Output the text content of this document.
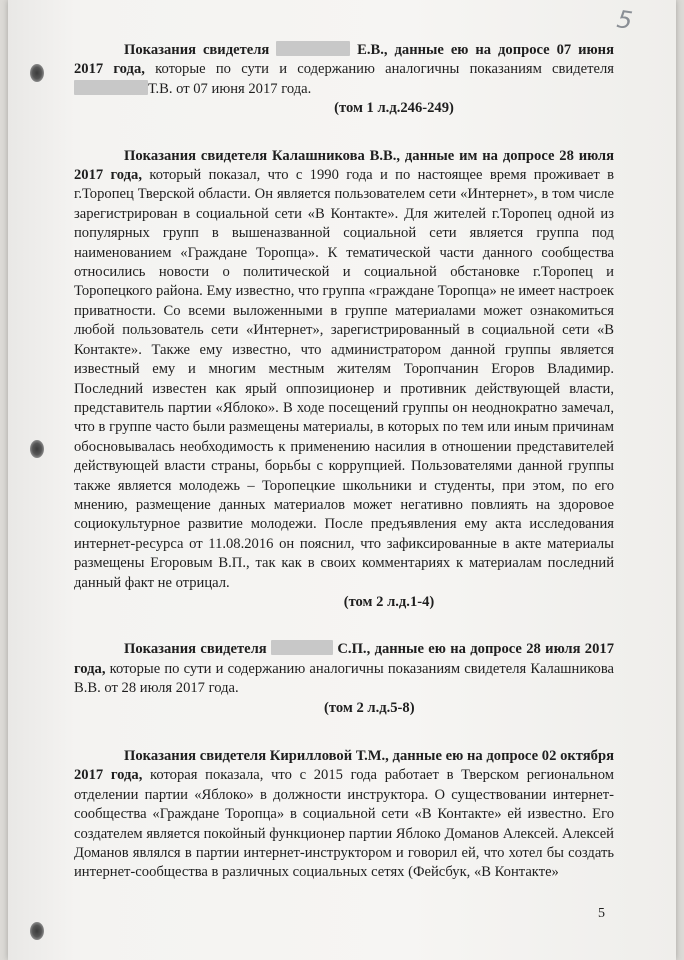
5

Показания свидетеля	Е.В., данные ею на допросе 07 июня 2017 года, которые по сути и содержанию аналогичны показаниям свидетеля Т.В. от 07 июня 2017 года.

(том 1 л.д.246-249)

Показания свидетеля Калашникова В.В., данные им на допросе 28 июля 2017 года, который показал, что с 1990 года и по настоящее время проживает в г.Торопец Тверской области. Он является пользователем сети «Интернет», в том числе зарегистрирован в социальной сети «В Контакте». Для жителей г.Торопец одной из популярных групп в вышеназванной социальной сети является группа под наименованием «Граждане Торопца». К тематической части данного сообщества относились новости о политической и социальной обстановке г.Торопец и Торопецкого района. Ему известно, что группа «граждане Торопца» не имеет настроек приватности. Со всеми выложенными в группе материалами может ознакомиться любой пользователь сети «Интернет», зарегистрированный в социальной сети «В Контакте». Также ему известно, что администратором данной группы является известный ему и многим местным жителям Торопчанин Егоров Владимир. Последний известен как ярый оппозиционер и противник действующей власти, представитель партии «Яблоко». В ходе посещений группы он неоднократно замечал, что в группе часто были размещены материалы, в которых по тем или иным причинам обосновывалась необходимость к применению насилия в отношении представителей действующей власти страны, борьбы с коррупцией. Пользователями данной группы также является молодежь – Торопецкие школьники и студенты, при этом, по его мнению, размещение данных материалов может негативно повлиять на здоровое социокультурное развитие молодежи. После предъявления ему акта исследования интернет-ресурса от 11.08.2016 он пояснил, что зафиксированные в акте материалы размещены Егоровым В.П., так как в своих комментариях к материалам последний данный факт не отрицал.

(том 2 л.д.1-4)

Показания свидетеля	С.П., данные ею на допросе 28 июля 2017 года, которые по сути и содержанию аналогичны показаниям свидетеля Калашникова В.В. от 28 июля 2017 года.

(том 2 л.д.5-8)

Показания свидетеля Кирилловой Т.М., данные ею на допросе 02 октября 2017 года, которая показала, что с 2015 года работает в Тверском региональном отделении партии «Яблоко» в должности инструктора. О существовании интернет-сообщества «Граждане Торопца» в социальной сети «В Контакте» ей известно. Его создателем является покойный функционер партии Яблоко Доманов Алексей. Алексей Доманов являлся в партии интернет-инструктором и говорил ей, что хотел бы создать интернет-сообщества в различных социальных сетях (Фейсбук, «В Контакте»

5
